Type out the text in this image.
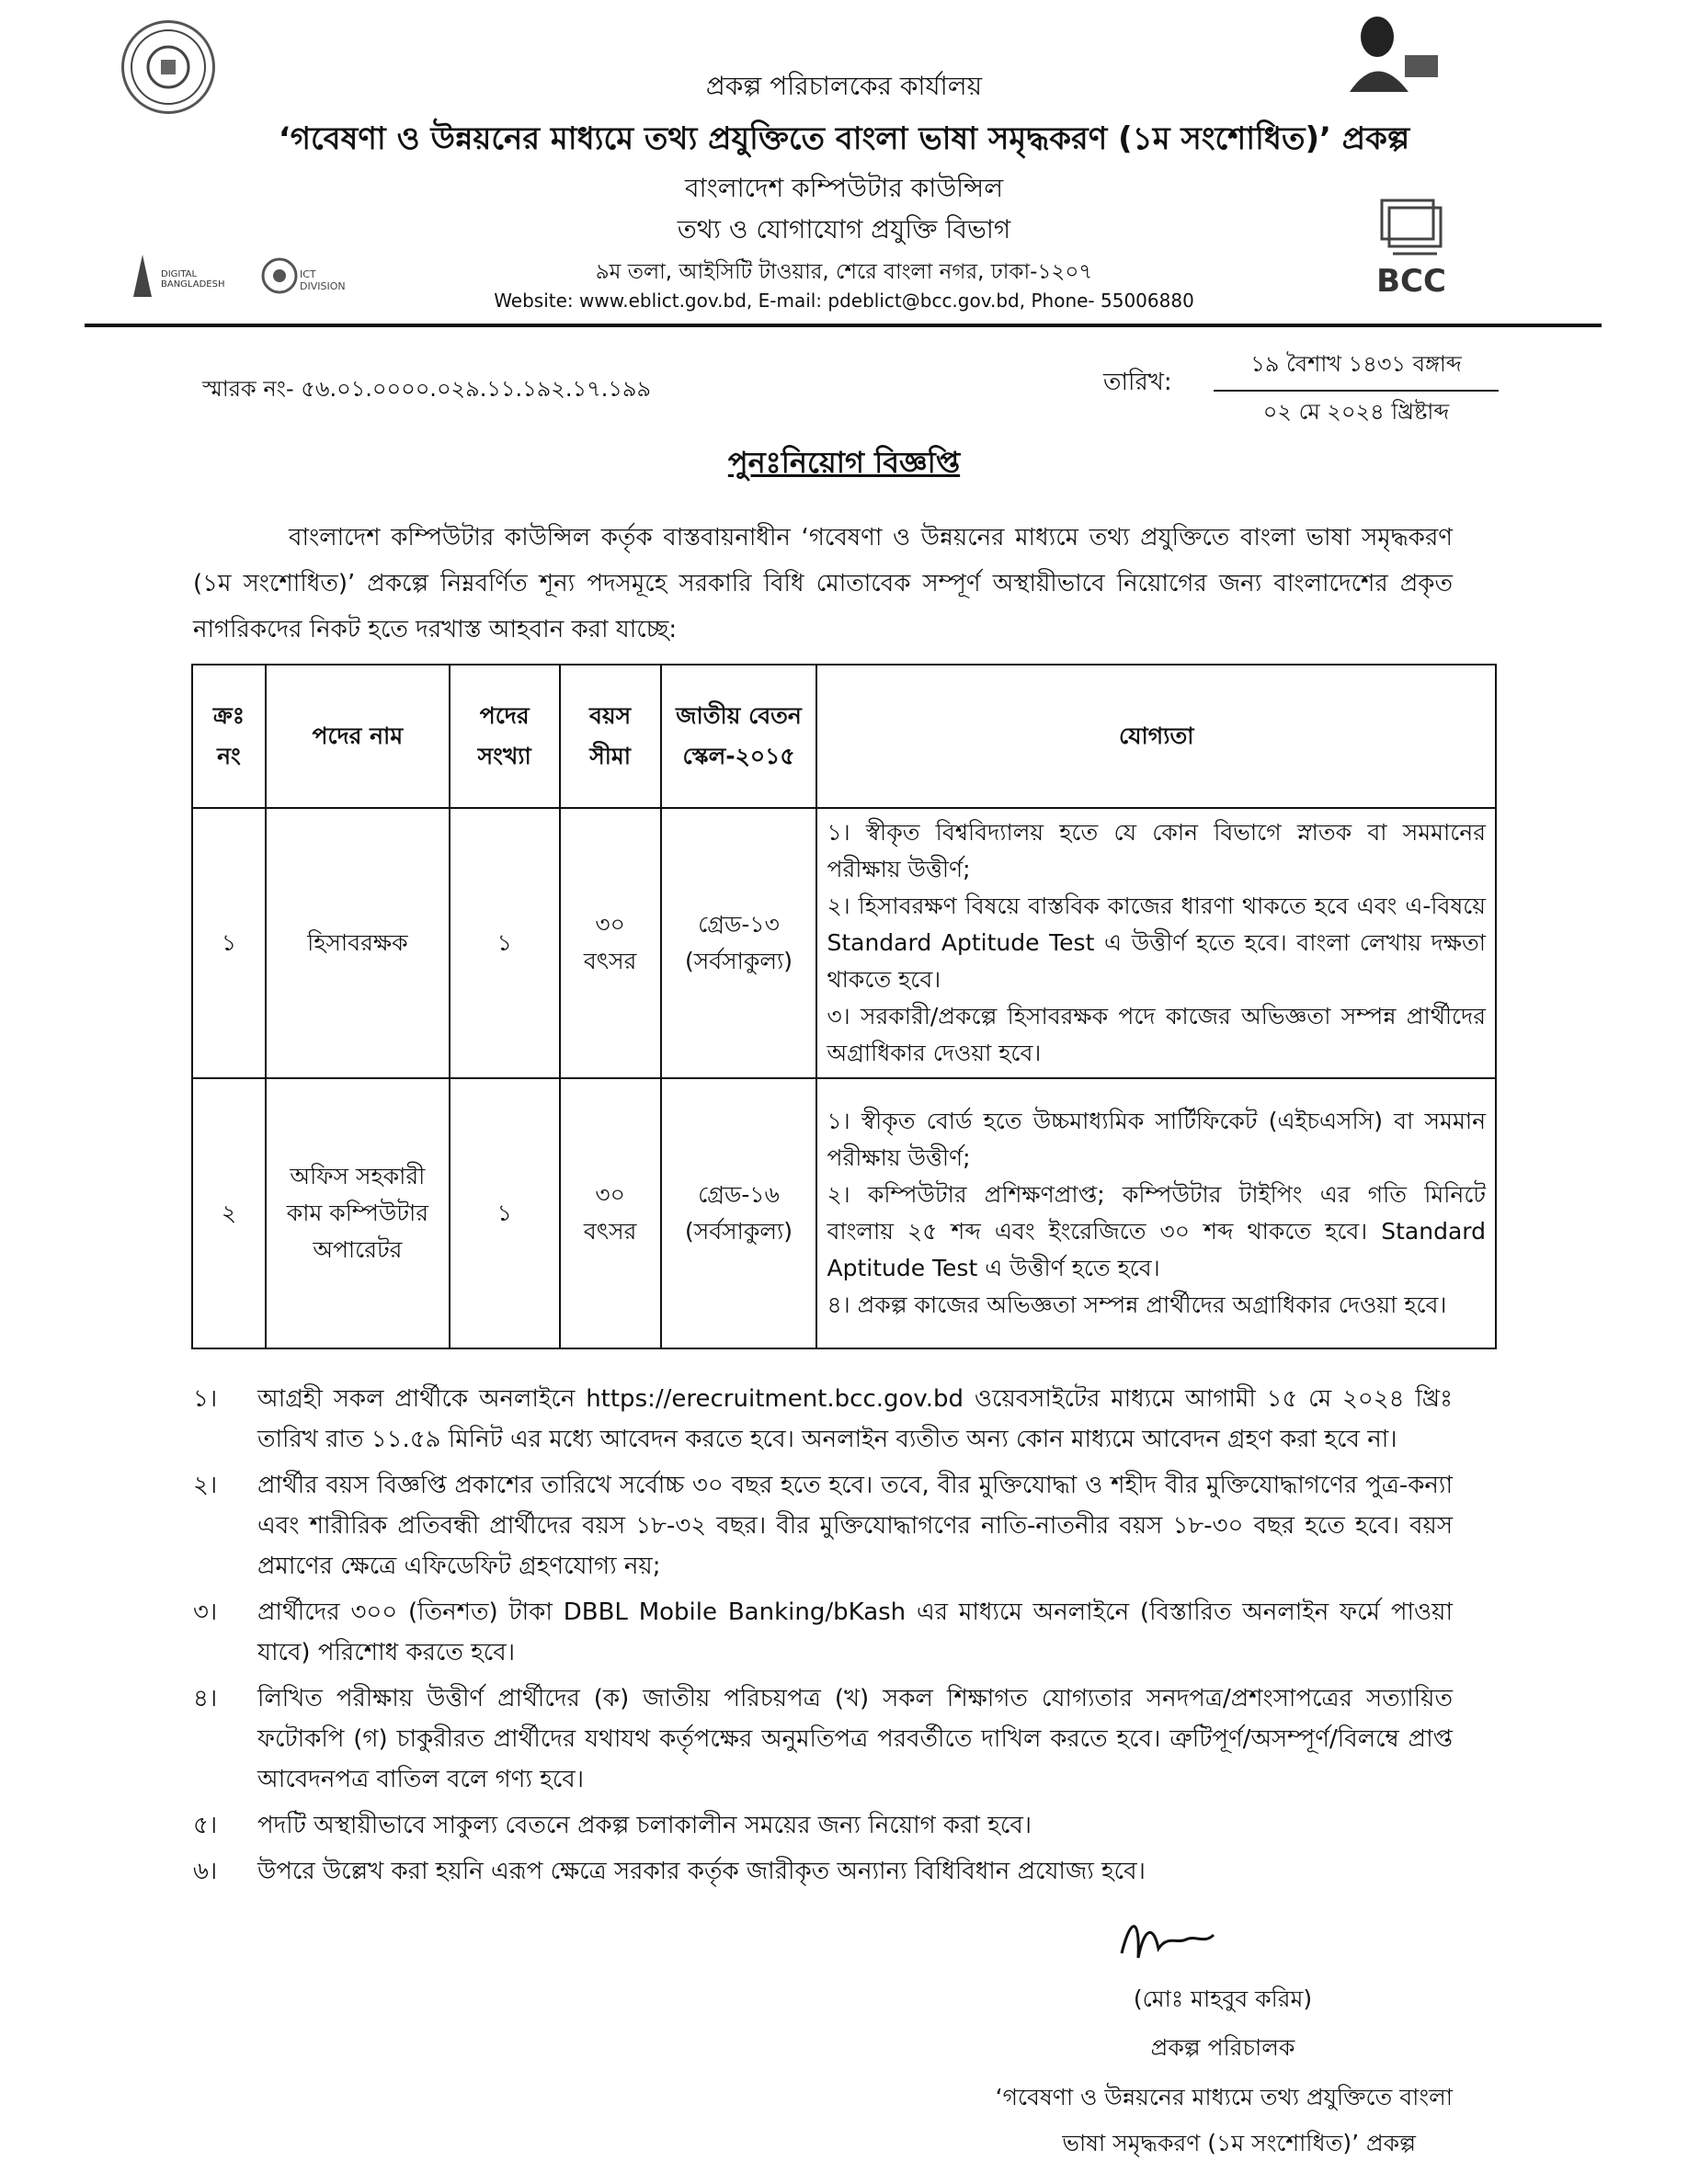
DIGITAL BANGLADESH
ICT DIVISION	BCC
প্রকল্প পরিচালকের কার্যালয়
‘গবেষণা ও উন্নয়নের মাধ্যমে তথ্য প্রযুক্তিতে বাংলা ভাষা সমৃদ্ধকরণ (১ম সংশোধিত)’ প্রকল্প
বাংলাদেশ কম্পিউটার কাউন্সিল
তথ্য ও যোগাযোগ প্রযুক্তি বিভাগ
৯ম তলা, আইসিটি টাওয়ার, শেরে বাংলা নগর, ঢাকা-১২০৭
Website: www.eblict.gov.bd, E-mail: pdeblict@bcc.gov.bd, Phone- 55006880
স্মারক নং- ৫৬.০১.০০০০.০২৯.১১.১৯২.১৭.১৯৯	তারিখ:
১৯ বৈশাখ ১৪৩১ বঙ্গাব্দ
০২ মে ২০২৪ খ্রিষ্টাব্দ
পুনঃনিয়োগ বিজ্ঞপ্তি
বাংলাদেশ কম্পিউটার কাউন্সিল কর্তৃক বাস্তবায়নাধীন ‘গবেষণা ও উন্নয়নের মাধ্যমে তথ্য প্রযুক্তিতে বাংলা ভাষা সমৃদ্ধকরণ (১ম সংশোধিত)’ প্রকল্পে নিম্নবর্ণিত শূন্য পদসমূহে সরকারি বিধি মোতাবেক সম্পূর্ণ অস্থায়ীভাবে নিয়োগের জন্য বাংলাদেশের প্রকৃত নাগরিকদের নিকট হতে দরখাস্ত আহবান করা যাচ্ছে:
ক্রঃ নং	পদের নাম	পদের সংখ্যা	বয়স সীমা	জাতীয় বেতন স্কেল-২০১৫	যোগ্যতা
১	হিসাবরক্ষক	১	৩০ বৎসর	গ্রেড-১৩ (সর্বসাকুল্য)	১। স্বীকৃত বিশ্ববিদ্যালয় হতে যে কোন বিভাগে স্নাতক বা সমমানের পরীক্ষায় উত্তীর্ণ;
২। হিসাবরক্ষণ বিষয়ে বাস্তবিক কাজের ধারণা থাকতে হবে এবং এ-বিষয়ে Standard Aptitude Test এ উত্তীর্ণ হতে হবে। বাংলা লেখায় দক্ষতা থাকতে হবে।
৩। সরকারী/প্রকল্পে হিসাবরক্ষক পদে কাজের অভিজ্ঞতা সম্পন্ন প্রার্থীদের অগ্রাধিকার দেওয়া হবে।

২	অফিস সহকারী কাম কম্পিউটার অপারেটর	১	৩০ বৎসর	গ্রেড-১৬ (সর্বসাকুল্য)	১। স্বীকৃত বোর্ড হতে উচ্চমাধ্যমিক সার্টিফিকেট (এইচএসসি) বা সমমান পরীক্ষায় উত্তীর্ণ;
২। কম্পিউটার প্রশিক্ষণপ্রাপ্ত; কম্পিউটার টাইপিং এর গতি মিনিটে বাংলায় ২৫ শব্দ এবং ইংরেজিতে ৩০ শব্দ থাকতে হবে। Standard Aptitude Test এ উত্তীর্ণ হতে হবে।
৪। প্রকল্প কাজের অভিজ্ঞতা সম্পন্ন প্রার্থীদের অগ্রাধিকার দেওয়া হবে।
১।	আগ্রহী সকল প্রার্থীকে অনলাইনে https://erecruitment.bcc.gov.bd ওয়েবসাইটের মাধ্যমে আগামী ১৫ মে ২০২৪ খ্রিঃ তারিখ রাত ১১.৫৯ মিনিট এর মধ্যে আবেদন করতে হবে। অনলাইন ব্যতীত অন্য কোন মাধ্যমে আবেদন গ্রহণ করা হবে না।
২।	প্রার্থীর বয়স বিজ্ঞপ্তি প্রকাশের তারিখে সর্বোচ্চ ৩০ বছর হতে হবে। তবে, বীর মুক্তিযোদ্ধা ও শহীদ বীর মুক্তিযোদ্ধাগণের পুত্র-কন্যা এবং শারীরিক প্রতিবন্ধী প্রার্থীদের বয়স ১৮-৩২ বছর। বীর মুক্তিযোদ্ধাগণের নাতি-নাতনীর বয়স ১৮-৩০ বছর হতে হবে। বয়স প্রমাণের ক্ষেত্রে এফিডেফিট গ্রহণযোগ্য নয়;
৩।	প্রার্থীদের ৩০০ (তিনশত) টাকা DBBL Mobile Banking/bKash এর মাধ্যমে অনলাইনে (বিস্তারিত অনলাইন ফর্মে পাওয়া যাবে) পরিশোধ করতে হবে।
৪।	লিখিত পরীক্ষায় উত্তীর্ণ প্রার্থীদের (ক) জাতীয় পরিচয়পত্র (খ) সকল শিক্ষাগত যোগ্যতার সনদপত্র/প্রশংসাপত্রের সত্যায়িত ফটোকপি (গ) চাকুরীরত প্রার্থীদের যথাযথ কর্তৃপক্ষের অনুমতিপত্র পরবর্তীতে দাখিল করতে হবে। ত্রুটিপূর্ণ/অসম্পূর্ণ/বিলম্বে প্রাপ্ত আবেদনপত্র বাতিল বলে গণ্য হবে।
৫।	পদটি অস্থায়ীভাবে সাকুল্য বেতনে প্রকল্প চলাকালীন সময়ের জন্য নিয়োগ করা হবে।
৬।	উপরে উল্লেখ করা হয়নি এরূপ ক্ষেত্রে সরকার কর্তৃক জারীকৃত অন্যান্য বিধিবিধান প্রযোজ্য হবে।
(মোঃ মাহবুব করিম)
প্রকল্প পরিচালক
‘গবেষণা ও উন্নয়নের মাধ্যমে তথ্য প্রযুক্তিতে বাংলা
ভাষা সমৃদ্ধকরণ (১ম সংশোধিত)’ প্রকল্প
